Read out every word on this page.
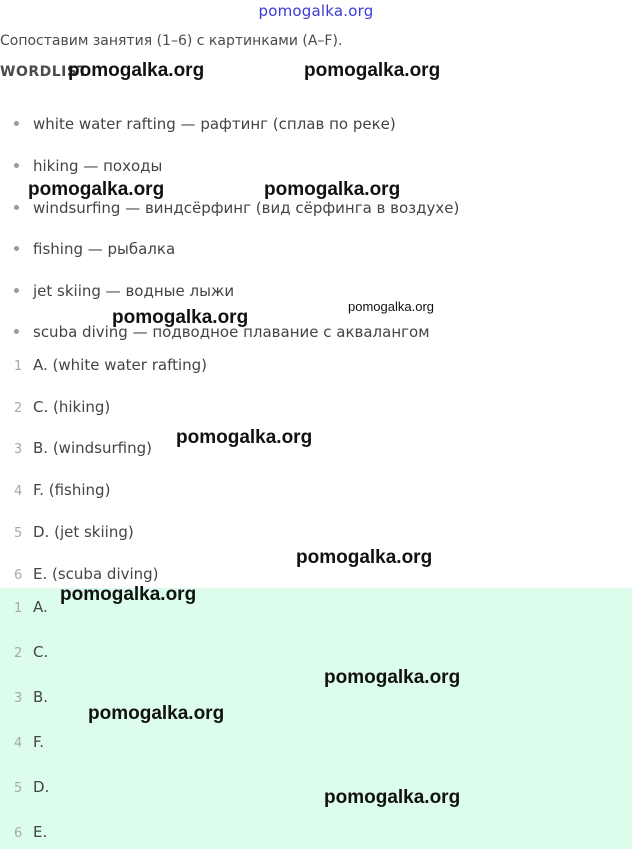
pomogalka.org
Сопоставим занятия (1–6) с картинками (A–F).
WORDLIST
white water rafting — рафтинг (сплав по реке)
hiking — походы
windsurfing — виндсёрфинг (вид сёрфинга в воздухе)
fishing — рыбалка
jet skiing — водные лыжи
scuba diving — подводное плавание с аквалангом
1 A. (white water rafting)
2 C. (hiking)
3 B. (windsurfing)
4 F. (fishing)
5 D. (jet skiing)
6 E. (scuba diving)
1 A.
2 C.
3 B.
4 F.
5 D.
6 E.
pomogalka.org	pomogalka.org
pomogalka.org	pomogalka.org
pomogalka.org
pomogalka.org
pomogalka.org
pomogalka.org
pomogalka.org
pomogalka.org
pomogalka.org
pomogalka.org
